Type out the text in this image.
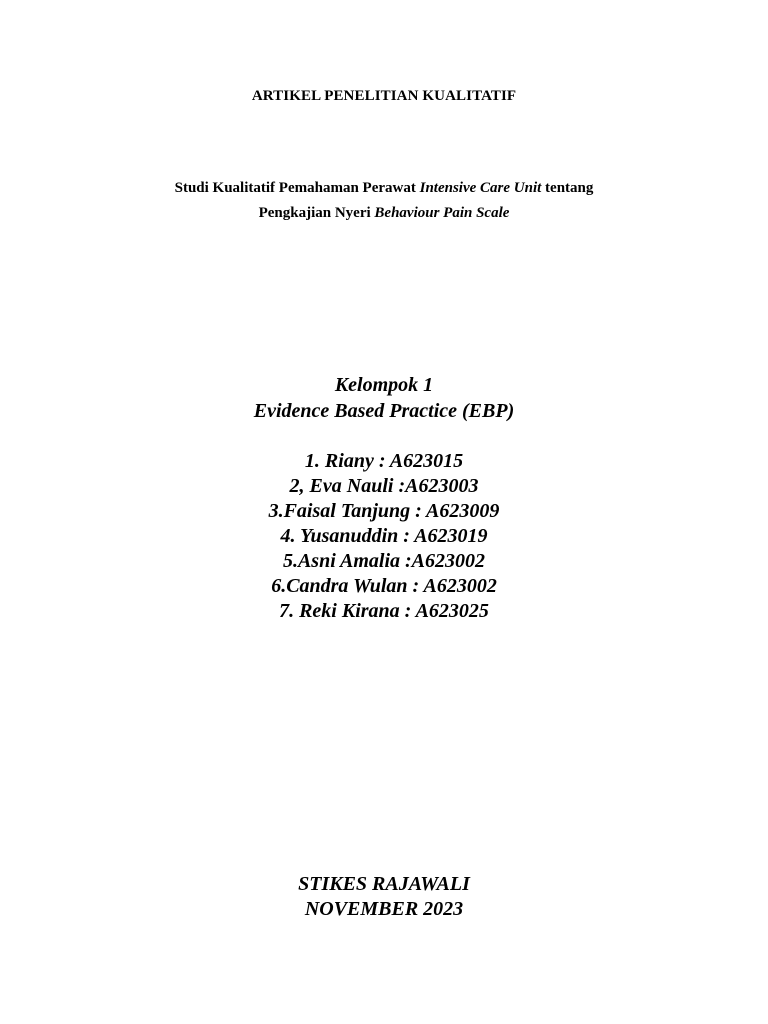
ARTIKEL PENELITIAN KUALITATIF
Studi Kualitatif Pemahaman Perawat Intensive Care Unit tentang
Pengkajian Nyeri Behaviour Pain Scale
Kelompok 1
Evidence Based Practice (EBP)
1. Riany : A623015
2, Eva Nauli :A623003
3.Faisal Tanjung : A623009
4. Yusanuddin : A623019
5.Asni Amalia :A623002
6.Candra Wulan : A623002
7. Reki Kirana : A623025
STIKES RAJAWALI
NOVEMBER 2023
